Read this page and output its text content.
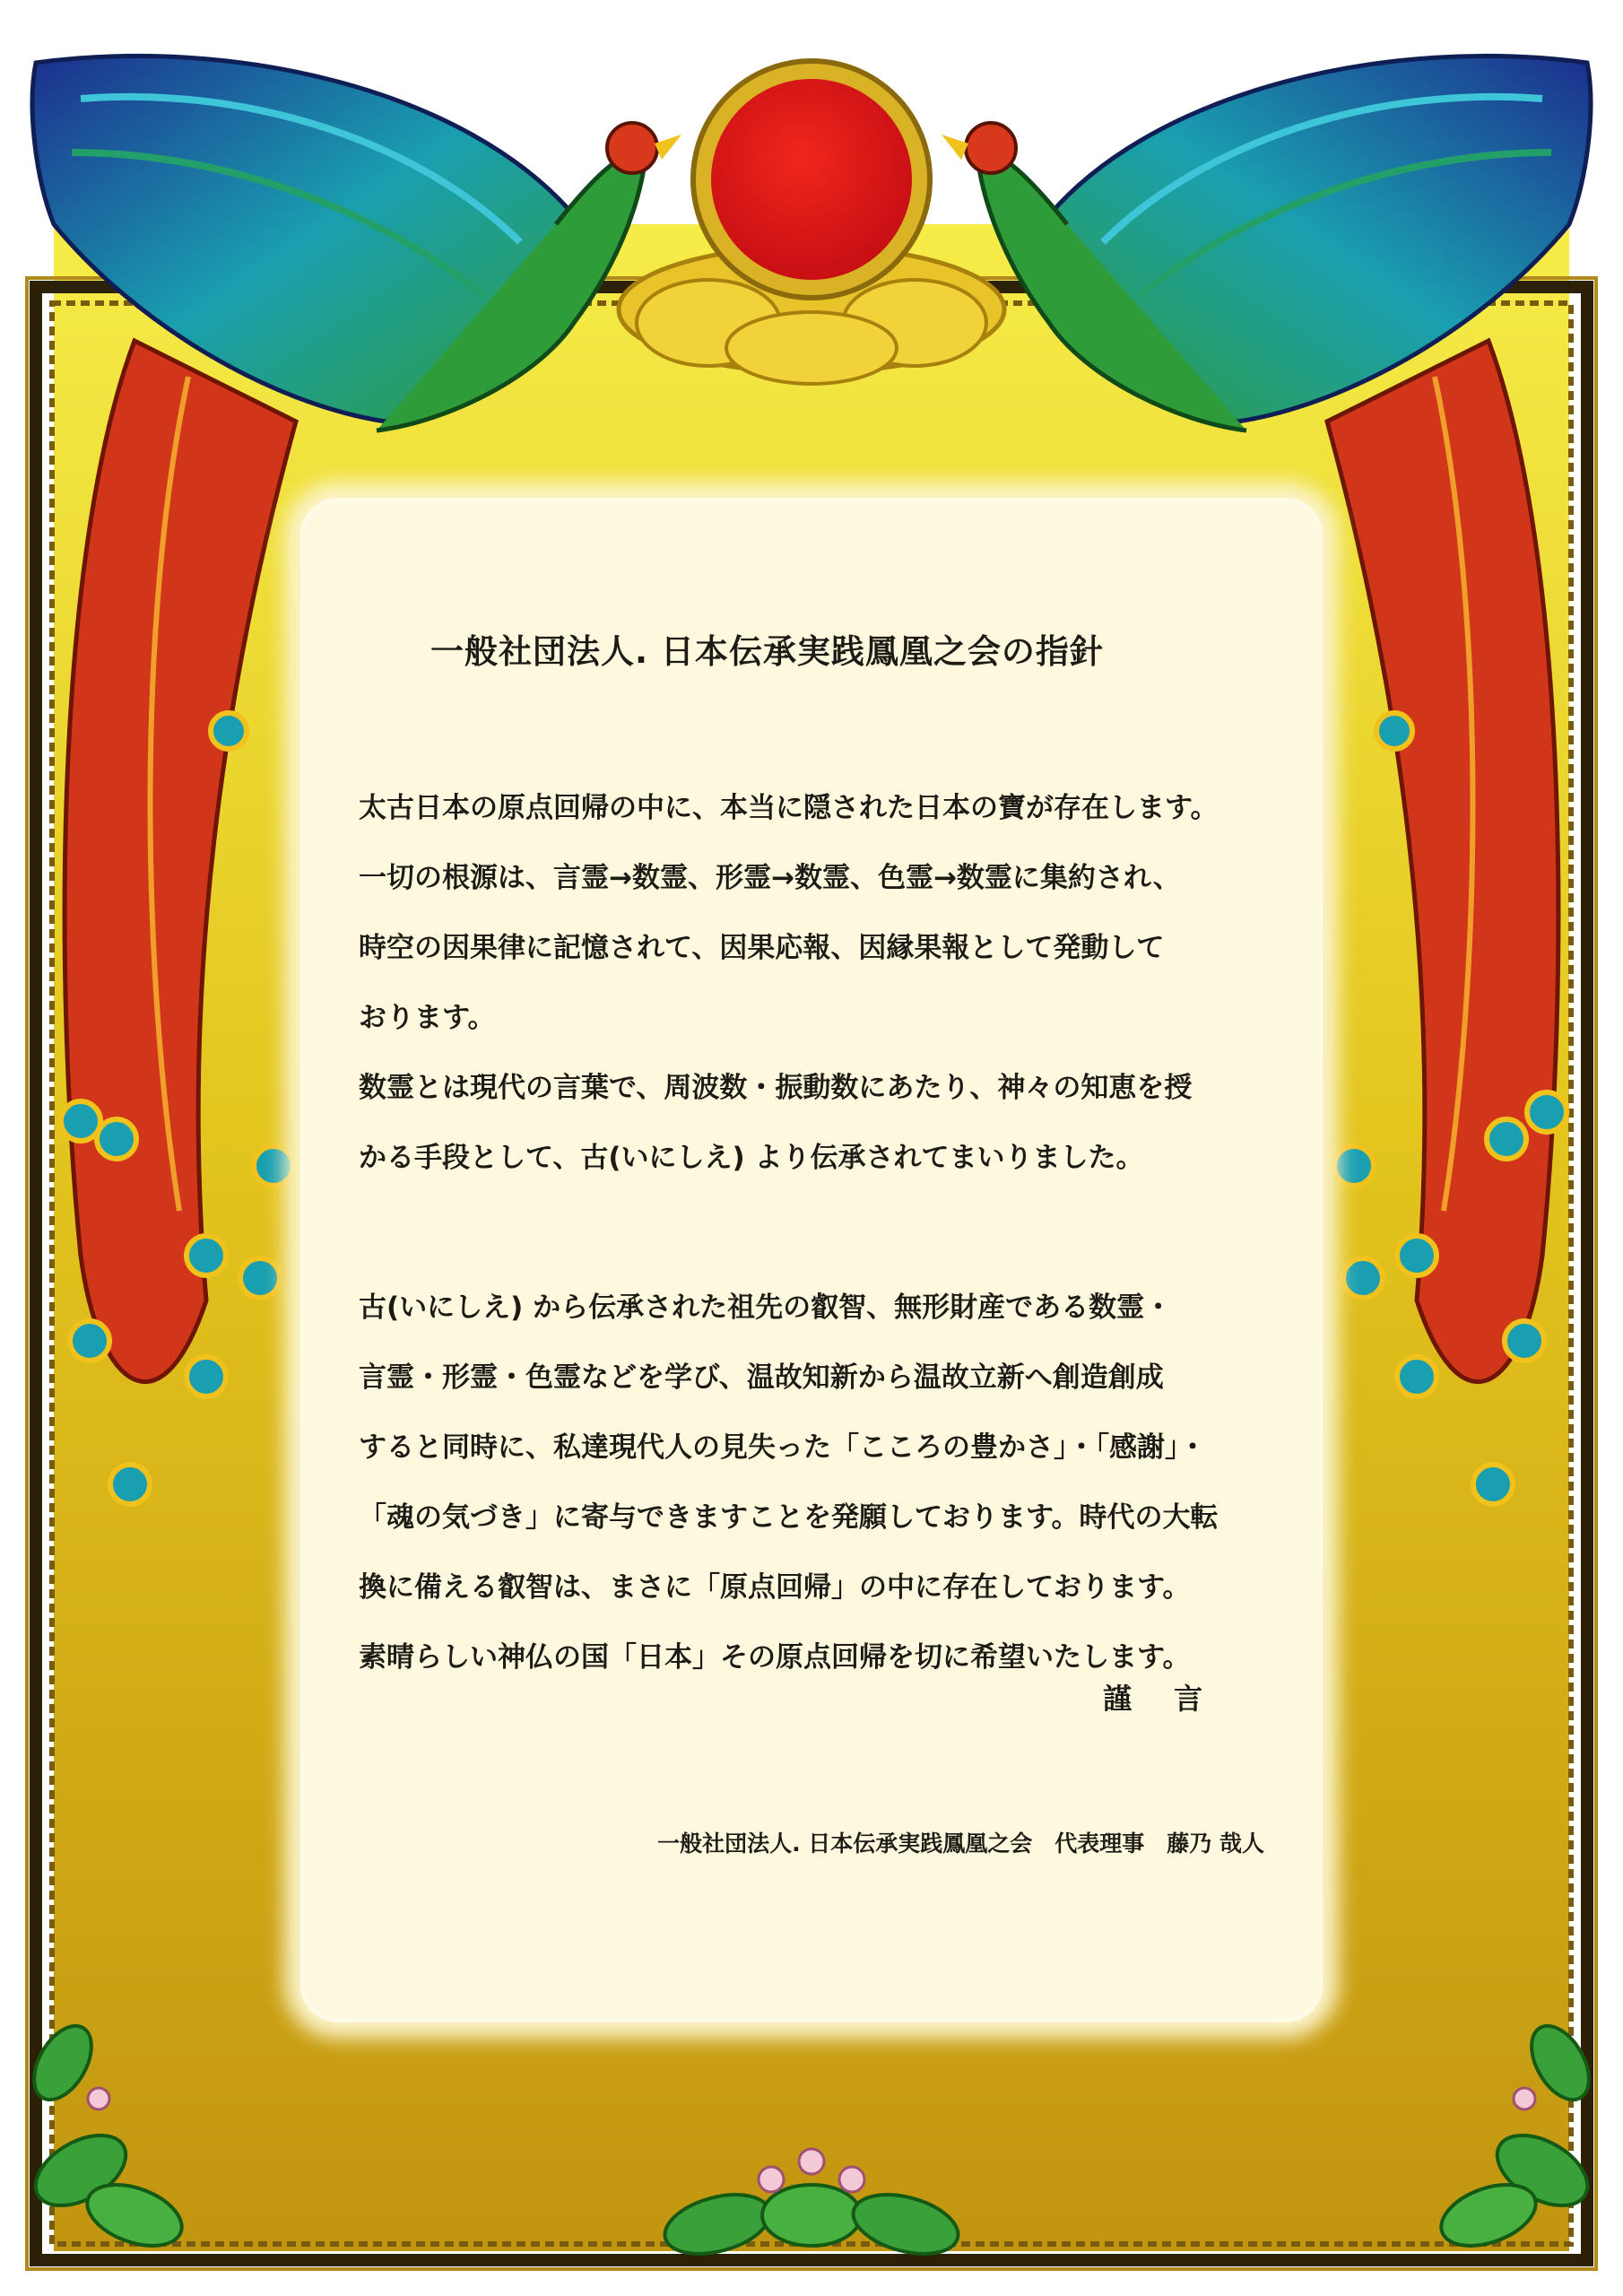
一般社団法人. 日本伝承実践鳳凰之会の指針
太古日本の原点回帰の中に、本当に隠された日本の寶が存在します。
一切の根源は、言霊→数霊、形霊→数霊、色霊→数霊に集約され、
時空の因果律に記憶されて、因果応報、因縁果報として発動して
おります。
数霊とは現代の言葉で、周波数・振動数にあたり、神々の知恵を授
かる手段として、古(いにしえ) より伝承されてまいりました。
古(いにしえ) から伝承された祖先の叡智、無形財産である数霊・
言霊・形霊・色霊などを学び、温故知新から温故立新へ創造創成
すると同時に、私達現代人の見失った「こころの豊かさ」・「感謝」・
「魂の気づき」に寄与できますことを発願しております。時代の大転
換に備える叡智は、まさに「原点回帰」の中に存在しております。
素晴らしい神仏の国「日本」その原点回帰を切に希望いたします。
謹 言
一般社団法人. 日本伝承実践鳳凰之会　代表理事　藤乃 哉人
